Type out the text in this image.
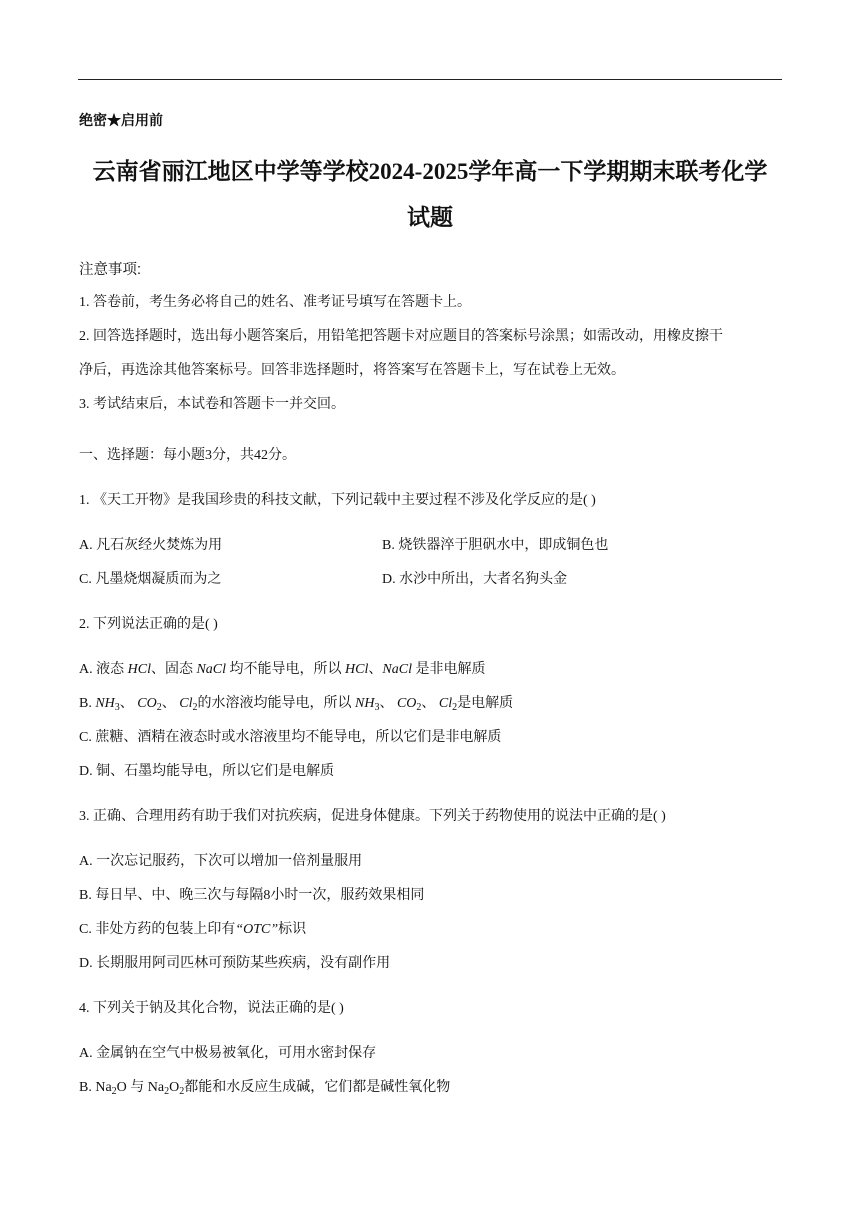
绝密★启用前
云南省丽江地区中学等学校2024-2025学年高一下学期期末联考化学
试题
注意事项:
1. 答卷前，考生务必将自己的姓名、准考证号填写在答题卡上。
2. 回答选择题时，选出每小题答案后，用铅笔把答题卡对应题目的答案标号涂黑；如需改动，用橡皮擦干
净后，再选涂其他答案标号。回答非选择题时，将答案写在答题卡上，写在试卷上无效。
3. 考试结束后，本试卷和答题卡一并交回。
一、选择题：每小题3分，共42分。
1. 《天工开物》是我国珍贵的科技文献，下列记载中主要过程不涉及化学反应的是( )
A. 凡石灰经火焚炼为用	B. 烧铁器淬于胆矾水中，即成铜色也
C. 凡墨烧烟凝质而为之	D. 水沙中所出，大者名狗头金
2. 下列说法正确的是( )
A. 液态 HCl、固态 NaCl 均不能导电，所以 HCl、NaCl 是非电解质
B. $NH_3$、 $CO_2$、 $Cl_2$的水溶液均能导电，所以 $NH_3$、 $CO_2$、 $Cl_2$是电解质
C. 蔗糖、酒精在液态时或水溶液里均不能导电，所以它们是非电解质
D. 铜、石墨均能导电，所以它们是电解质
3. 正确、合理用药有助于我们对抗疾病，促进身体健康。下列关于药物使用的说法中正确的是( )
A. 一次忘记服药，下次可以增加一倍剂量服用
B. 每日早、中、晚三次与每隔8小时一次，服药效果相同
C. 非处方药的包装上印有“OTC”标识
D. 长期服用阿司匹林可预防某些疾病，没有副作用
4. 下列关于钠及其化合物，说法正确的是( )
A. 金属钠在空气中极易被氧化，可用水密封保存
B. $Na_2O$ 与 $Na_2O_2$都能和水反应生成碱，它们都是碱性氧化物
